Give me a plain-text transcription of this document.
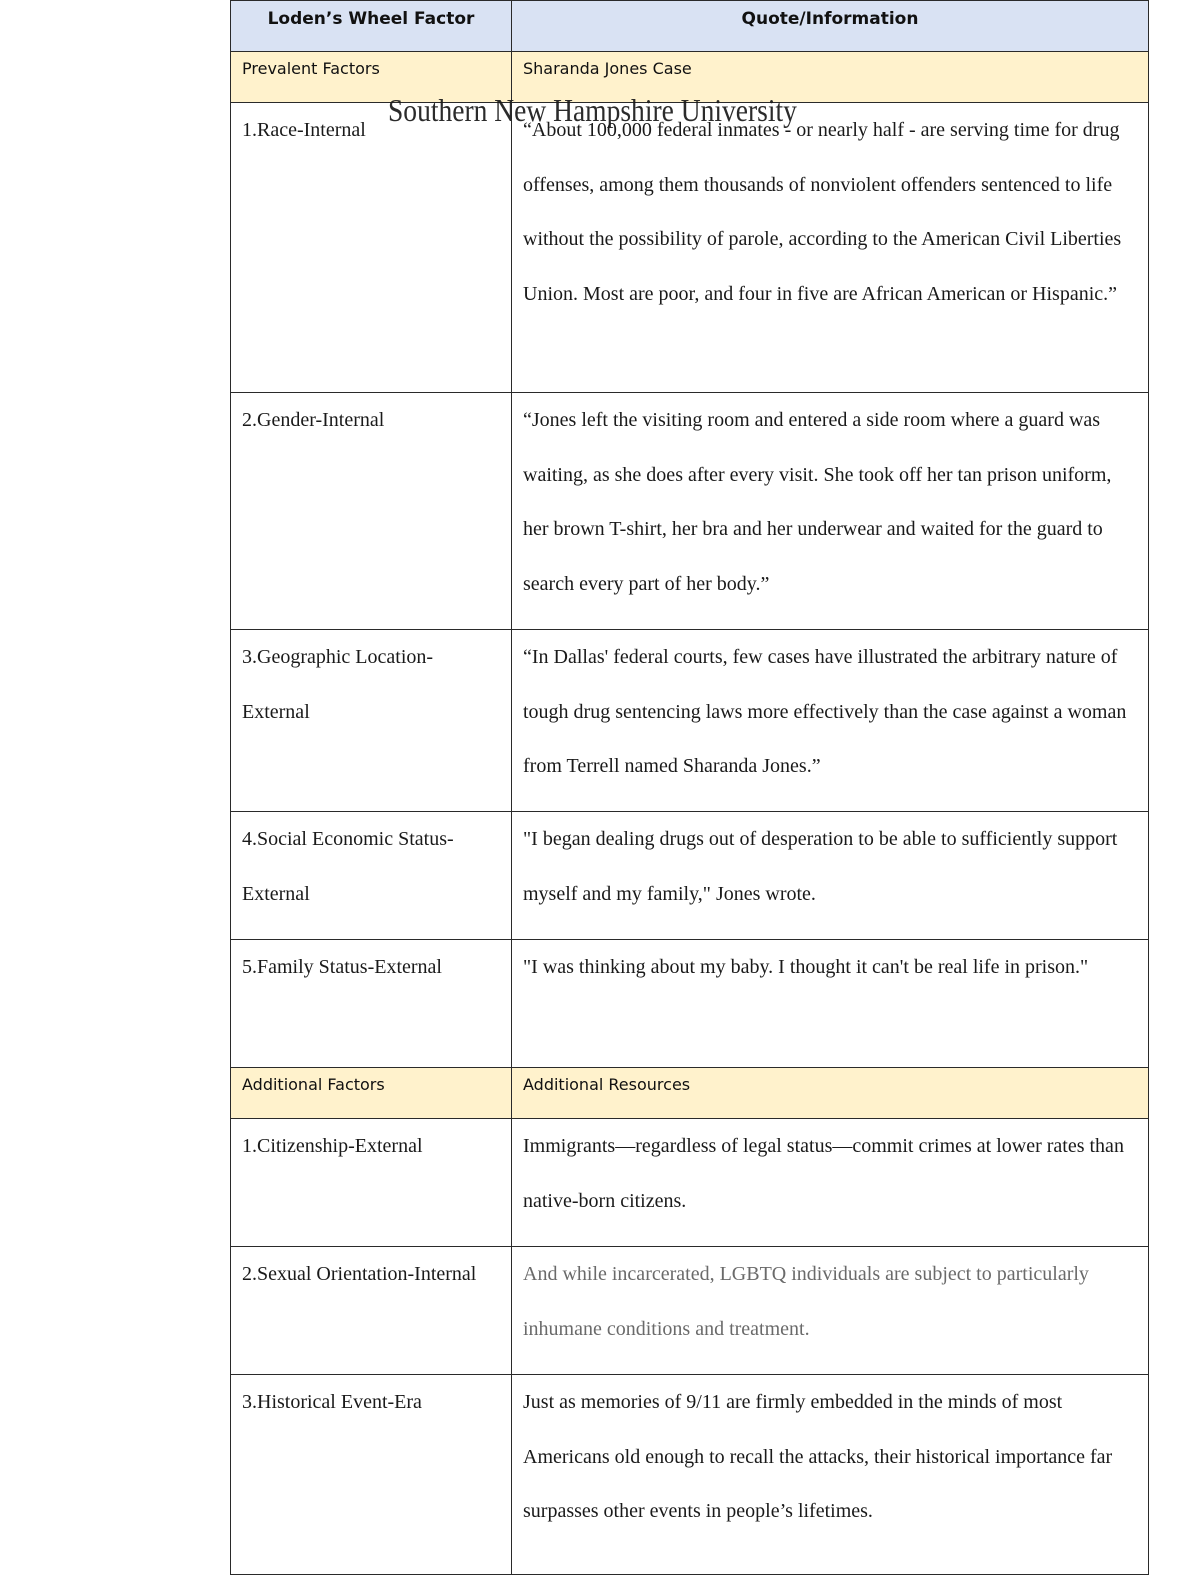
Loden’s Wheel Factor	Quote/Information
Prevalent Factors	Sharanda Jones Case
1.Race-Internal	“About 100,000 federal inmates - or nearly half - are serving time for drug offenses, among them thousands of nonviolent offenders sentenced to life without the possibility of parole, according to the American Civil Liberties Union. Most are poor, and four in five are African American or Hispanic.”
2.Gender-Internal	“Jones left the visiting room and entered a side room where a guard was waiting, as she does after every visit. She took off her tan prison uniform, her brown T-shirt, her bra and her underwear and waited for the guard to search every part of her body.”
3.Geographic Location-External	“In Dallas' federal courts, few cases have illustrated the arbitrary nature of tough drug sentencing laws more effectively than the case against a woman from Terrell named Sharanda Jones.”
4.Social Economic Status-External	"I began dealing drugs out of desperation to be able to sufficiently support myself and my family," Jones wrote.
5.Family Status-External	"I was thinking about my baby. I thought it can't be real life in prison."
Additional Factors	Additional Resources
1.Citizenship-External	Immigrants—regardless of legal status—commit crimes at lower rates than native-born citizens.
2.Sexual Orientation-Internal	And while incarcerated, LGBTQ individuals are subject to particularly inhumane conditions and treatment.
3.Historical Event-Era	Just as memories of 9/11 are firmly embedded in the minds of most Americans old enough to recall the attacks, their historical importance far surpasses other events in people’s lifetimes.
Southern New Hampshire University
